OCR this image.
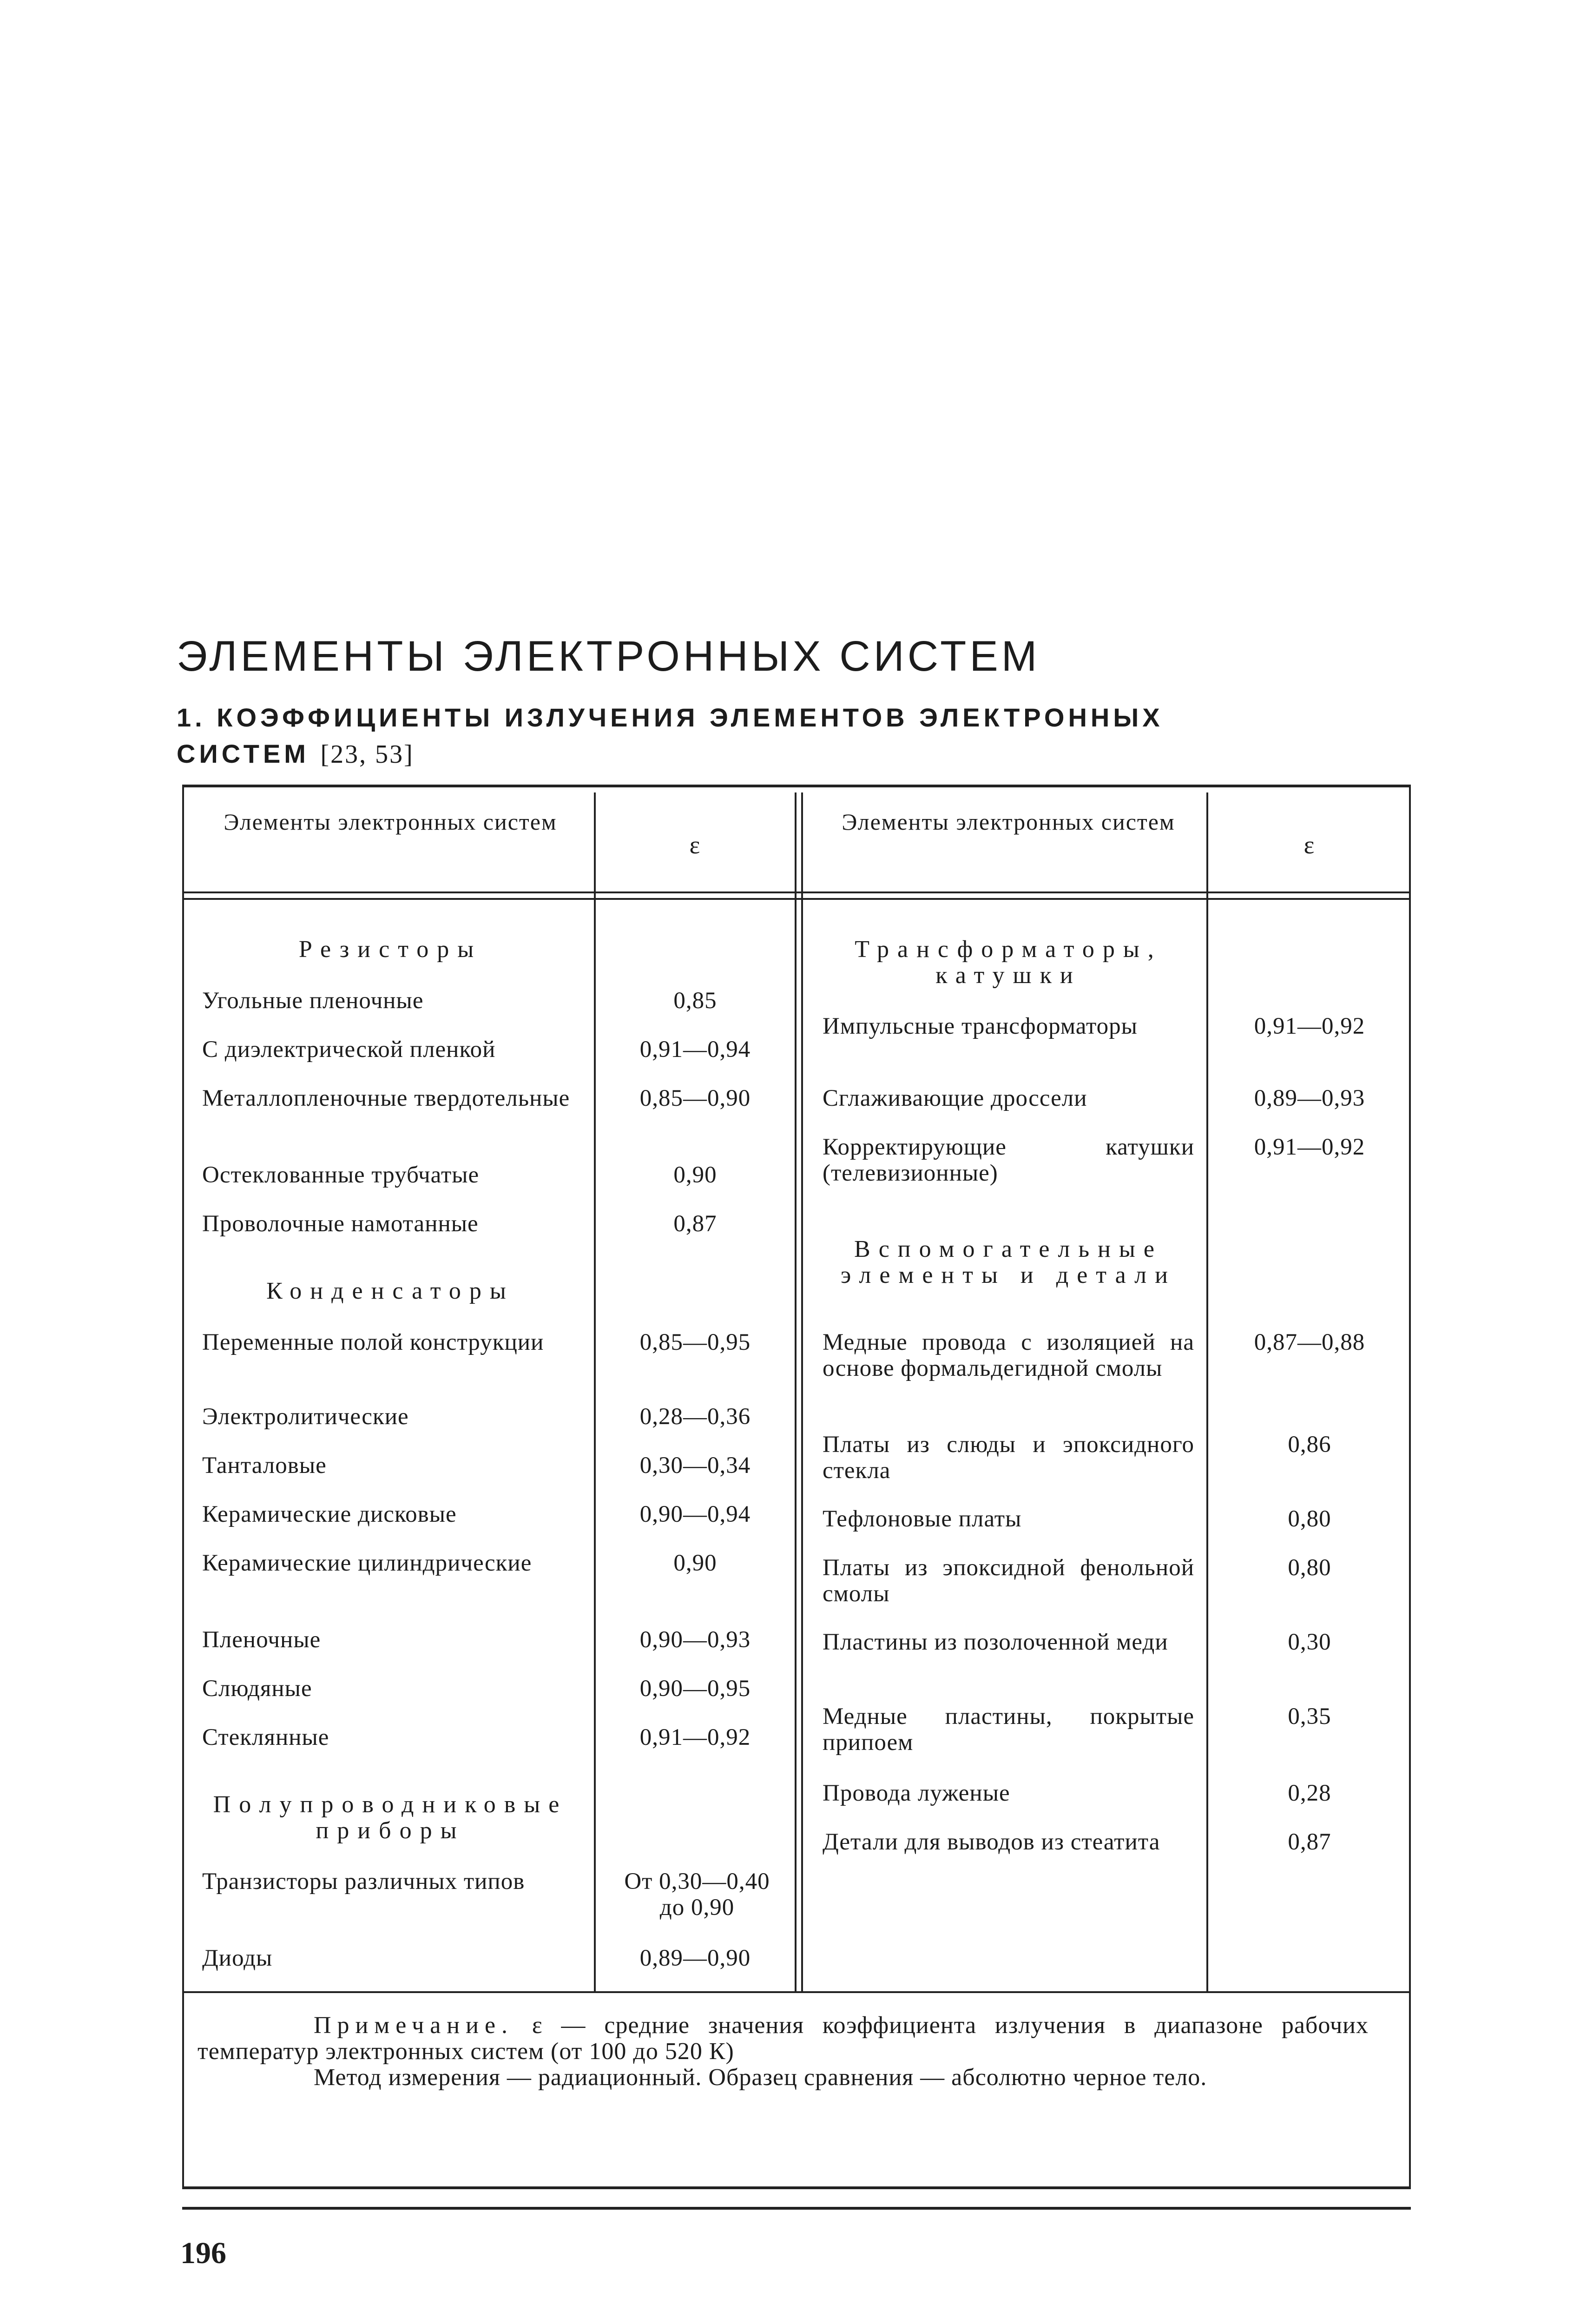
ЭЛЕМЕНТЫ ЭЛЕКТРОННЫХ СИСТЕМ
1. КОЭФФИЦИЕНТЫ ИЗЛУЧЕНИЯ ЭЛЕМЕНТОВ ЭЛЕКТРОННЫХ СИСТЕМ [23, 53]
Элементы электронных систем
ε
Элементы электронных систем
ε
Резисторы
Угольные пленочные	0,85
С диэлектрической пленкой	0,91—0,94
Металлопленочные твердотельные	0,85—0,90
Остеклованные трубчатые	0,90
Проволочные намотанные	0,87
Конденсаторы
Переменные полой конструкции	0,85—0,95
Электролитические	0,28—0,36
Танталовые	0,30—0,34
Керамические дисковые	0,90—0,94
Керамические цилиндрические	0,90
Пленочные	0,90—0,93
Слюдяные	0,90—0,95
Стеклянные	0,91—0,92
Полупроводниковые приборы
Транзисторы различных типов	От 0,30—0,40 до 0,90
Диоды	0,89—0,90
Трансформаторы, катушки
Импульсные трансформаторы	0,91—0,92
Сглаживающие дроссели	0,89—0,93
Корректирующие катушки (телевизионные)
0,91—0,92
Вспомогательные элементы и детали
Медные провода с изоляцией на основе формальдегидной смолы
0,87—0,88
Платы из слюды и эпоксидного стекла
0,86
Тефлоновые платы	0,80
Платы из эпоксидной фенольной смолы
0,80
Пластины из позолоченной меди	0,30
Медные пластины, покрытые припоем
0,35
Провода луженые	0,28
Детали для выводов из стеатита	0,87

Примечание. ε — средние значения коэффициента излучения в диапазоне рабочих температур электронных систем (от 100 до 520 К)

Метод измерения — радиационный. Образец сравнения — абсолютно черное тело.

196
